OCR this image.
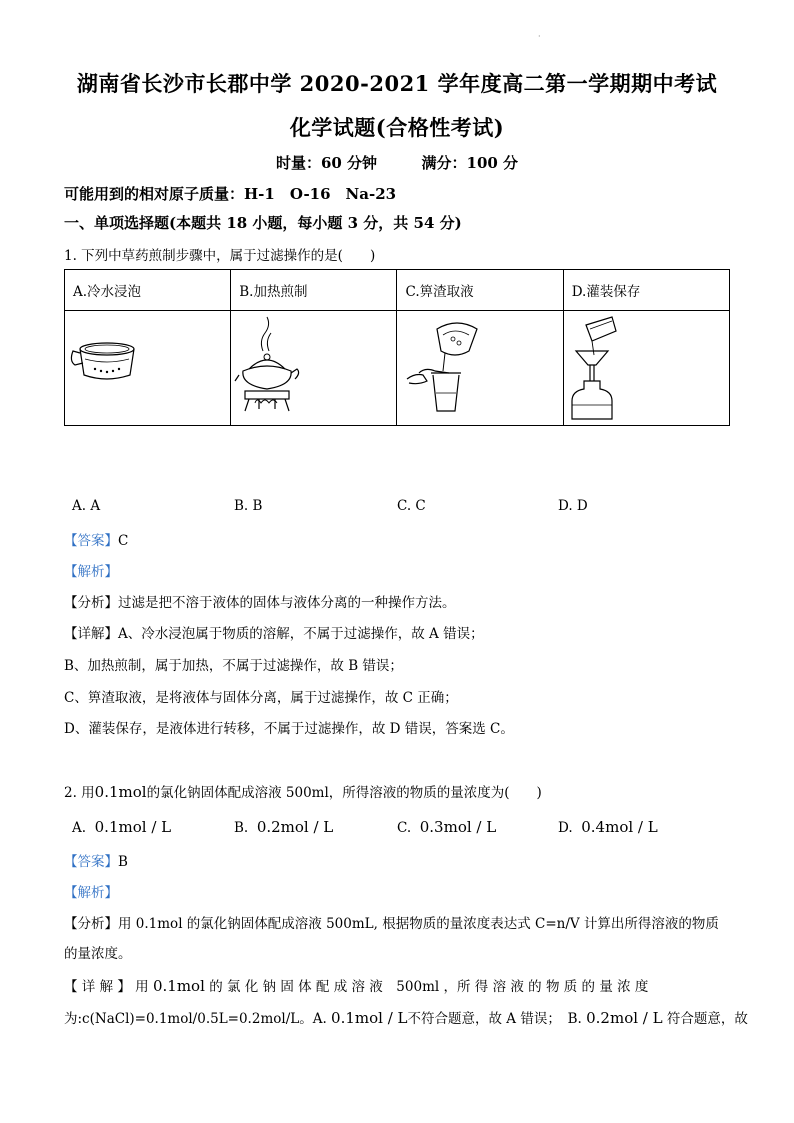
·
湖南省长沙市长郡中学 2020-2021 学年度高二第一学期期中考试
化学试题(合格性考试)
时量：60 分钟	满分：100 分
可能用到的相对原子质量：H-1　O-16　Na-23
一、单项选择题(本题共 18 小题，每小题 3 分，共 54 分)
1. 下列中草药煎制步骤中，属于过滤操作的是(　　)
A.冷水浸泡	B.加热煎制	C.箅渣取液	D.灌装保存

A. A	B. B	C. C	D. D
【答案】C
【解析】
【分析】过滤是把不溶于液体的固体与液体分离的一种操作方法。
【详解】A、冷水浸泡属于物质的溶解，不属于过滤操作，故 A 错误；
B、加热煎制，属于加热，不属于过滤操作，故 B 错误；
C、箅渣取液，是将液体与固体分离，属于过滤操作，故 C 正确；
D、灌装保存，是液体进行转移，不属于过滤操作，故 D 错误，答案选 C。
2. 用0.1mol的氯化钠固体配成溶液 500ml，所得溶液的物质的量浓度为(　　)
A. 0.1mol / L	B. 0.2mol / L	C. 0.3mol / L	D. 0.4mol / L
【答案】B
【解析】
【分析】用 0.1mol 的氯化钠固体配成溶液 500mL, 根据物质的量浓度表达式 C=n/V 计算出所得溶液的物质
的量浓度。
【 详 解 】 用 0.1mol 的 氯 化 钠 固 体 配 成 溶 液　500ml ，所 得 溶 液 的 物 质 的 量 浓 度
为:c(NaCl)=0.1mol/0.5L=0.2mol/L。A. 0.1mol / L不符合题意，故 A 错误；　B. 0.2mol / L 符合题意，故
